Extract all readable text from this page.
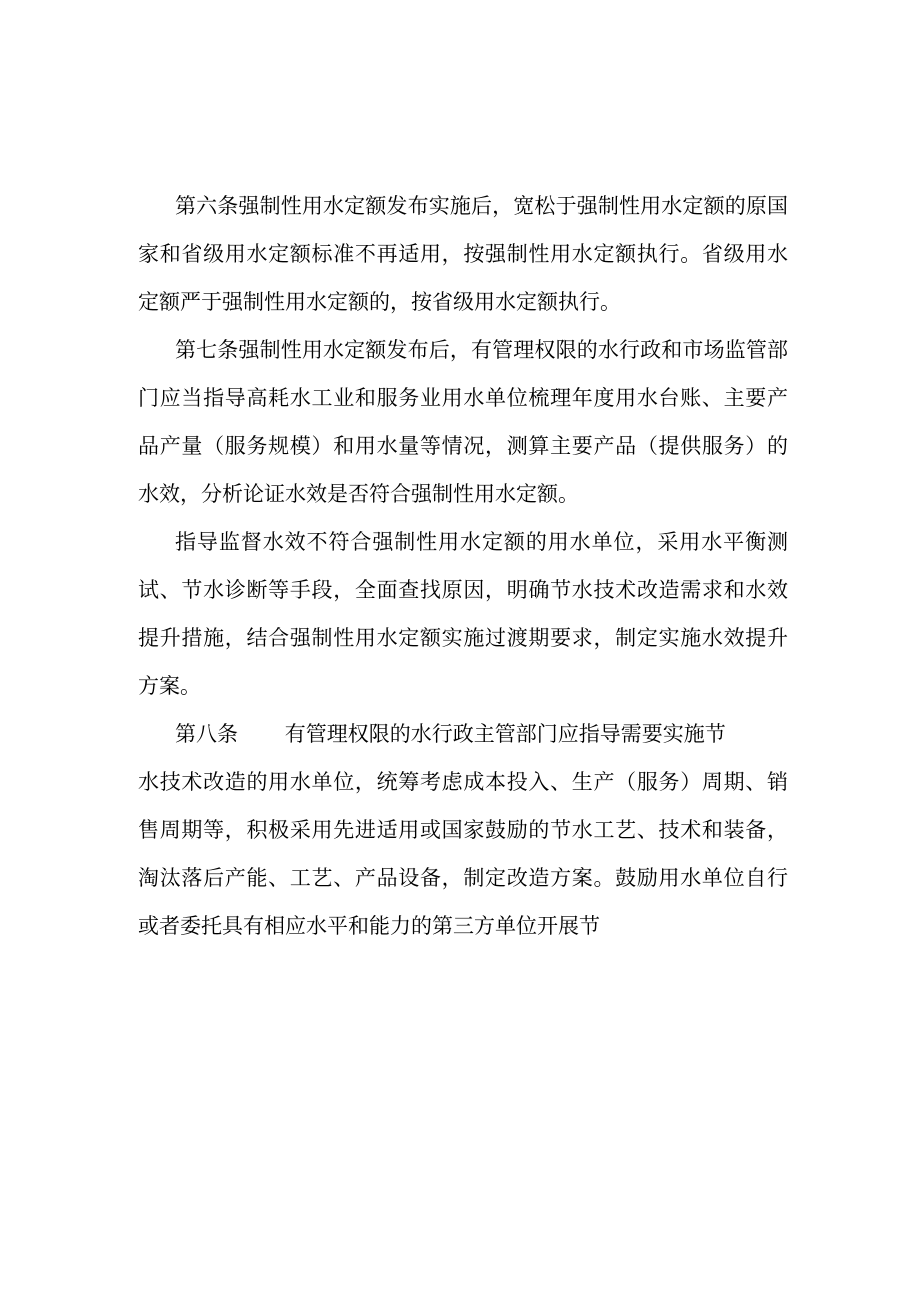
第六条强制性用水定额发布实施后，宽松于强制性用水定额的原国家和省级用水定额标准不再适用，按强制性用水定额执行。省级用水定额严于强制性用水定额的，按省级用水定额执行。

第七条强制性用水定额发布后，有管理权限的水行政和市场监管部门应当指导高耗水工业和服务业用水单位梳理年度用水台账、主要产品产量（服务规模）和用水量等情况，测算主要产品（提供服务）的水效，分析论证水效是否符合强制性用水定额。

指导监督水效不符合强制性用水定额的用水单位，采用水平衡测试、节水诊断等手段，全面查找原因，明确节水技术改造需求和水效提升措施，结合强制性用水定额实施过渡期要求，制定实施水效提升方案。

第八条 有管理权限的水行政主管部门应指导需要实施节

水技术改造的用水单位，统筹考虑成本投入、生产（服务）周期、销售周期等，积极采用先进适用或国家鼓励的节水工艺、技术和装备，淘汰落后产能、工艺、产品设备，制定改造方案。鼓励用水单位自行或者委托具有相应水平和能力的第三方单位开展节
